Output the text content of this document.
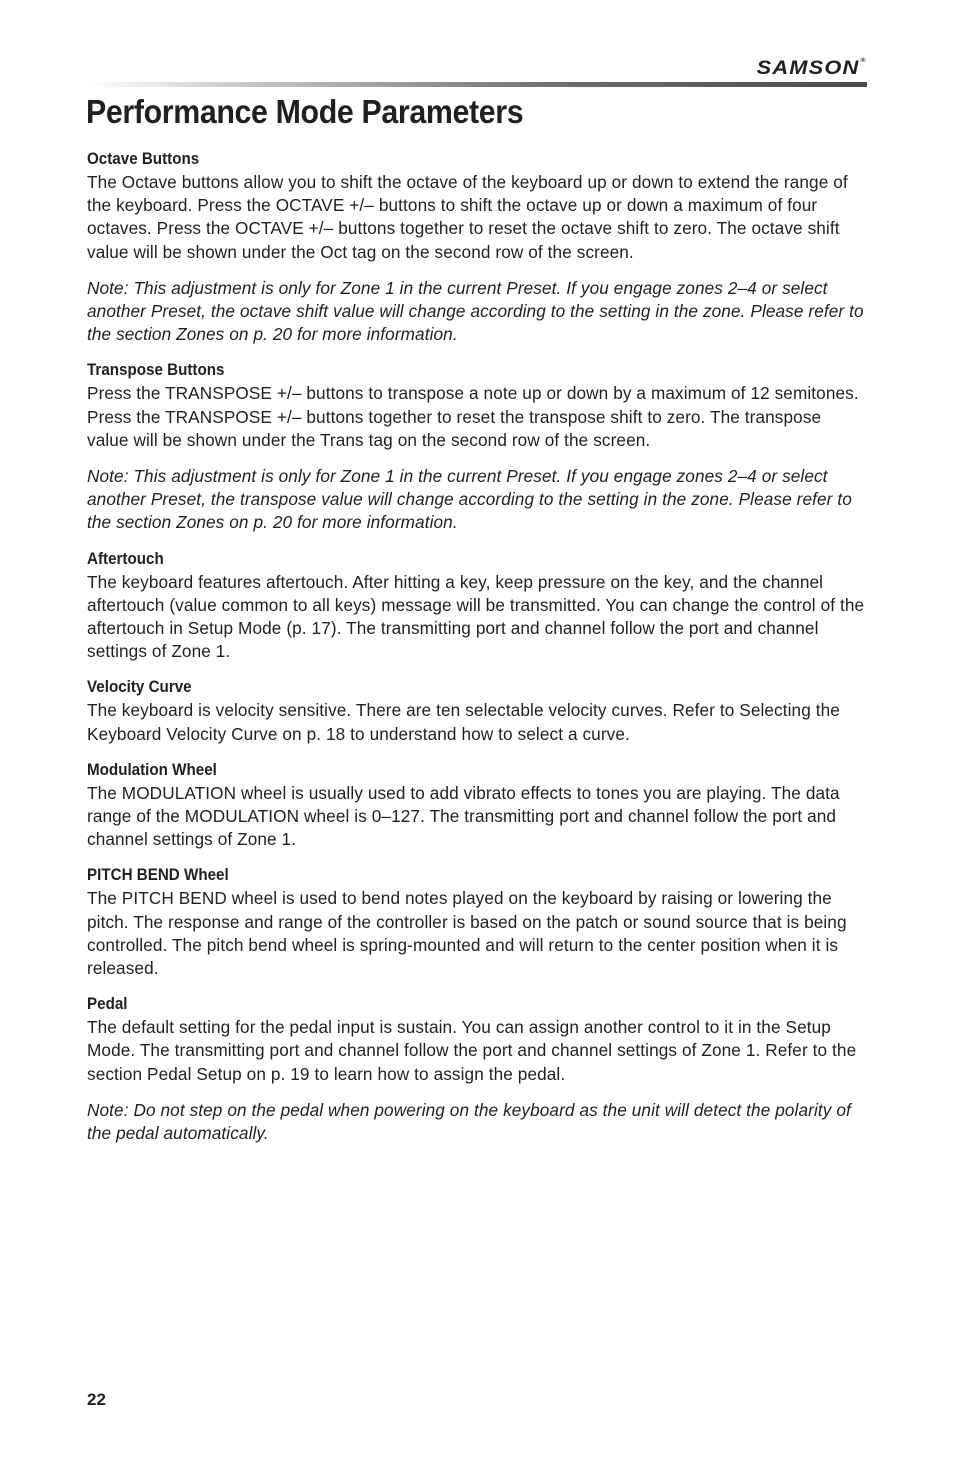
SAMSON®
Performance Mode Parameters
Octave Buttons

The Octave buttons allow you to shift the octave of the keyboard up or down to extend the range of the keyboard. Press the OCTAVE +/– buttons to shift the octave up or down a maximum of four octaves. Press the OCTAVE +/– buttons together to reset the octave shift to zero. The octave shift value will be shown under the Oct tag on the second row of the screen.

Note: This adjustment is only for Zone 1 in the current Preset. If you engage zones 2–4 or select another Preset, the octave shift value will change according to the setting in the zone. Please refer to the section Zones on p. 20 for more information.

Transpose Buttons

Press the TRANSPOSE +/– buttons to transpose a note up or down by a maximum of 12 semitones. Press the TRANSPOSE +/– buttons together to reset the transpose shift to zero. The transpose value will be shown under the Trans tag on the second row of the screen.

Note: This adjustment is only for Zone 1 in the current Preset. If you engage zones 2–4 or select another Preset, the transpose value will change according to the setting in the zone. Please refer to the section Zones on p. 20 for more information.

Aftertouch

The keyboard features aftertouch. After hitting a key, keep pressure on the key, and the channel aftertouch (value common to all keys) message will be transmitted. You can change the control of the aftertouch in Setup Mode (p. 17). The transmitting port and channel follow the port and channel settings of Zone 1.

Velocity Curve

The keyboard is velocity sensitive. There are ten selectable velocity curves. Refer to Selecting the Keyboard Velocity Curve on p. 18 to understand how to select a curve.

Modulation Wheel

The MODULATION wheel is usually used to add vibrato effects to tones you are playing. The data range of the MODULATION wheel is 0–127. The transmitting port and channel follow the port and channel settings of Zone 1.

PITCH BEND Wheel

The PITCH BEND wheel is used to bend notes played on the keyboard by raising or lowering the pitch. The response and range of the controller is based on the patch or sound source that is being controlled. The pitch bend wheel is spring-mounted and will return to the center position when it is released.

Pedal

The default setting for the pedal input is sustain. You can assign another control to it in the Setup Mode. The transmitting port and channel follow the port and channel settings of Zone 1. Refer to the section Pedal Setup on p. 19 to learn how to assign the pedal.

Note: Do not step on the pedal when powering on the keyboard as the unit will detect the polarity of the pedal automatically.

22
